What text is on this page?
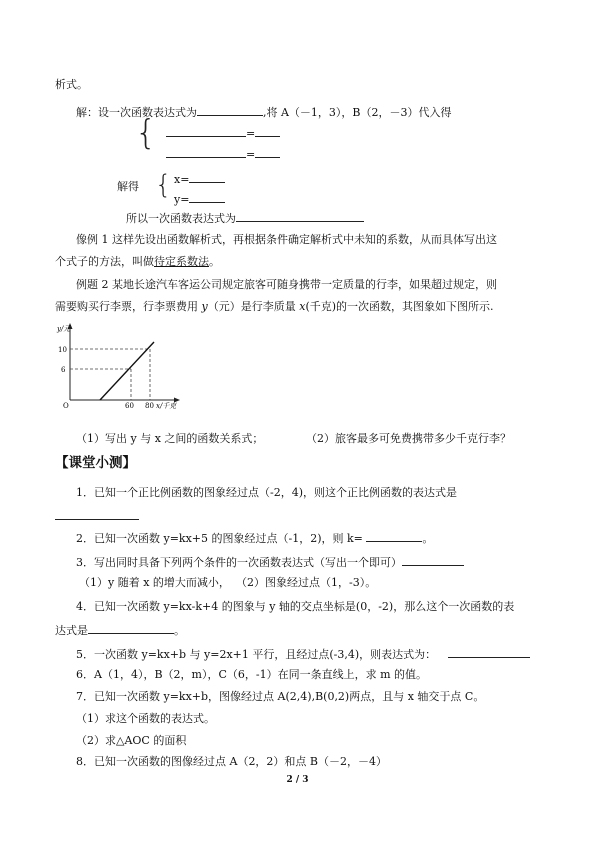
析式。
解：设一次函数表达式为	,将 A（－1，3），B（2，－3）代入得
{	=
=
解得 { x=
y=
所以一次函数表达式为
像例 1 这样先设出函数解析式，再根据条件确定解析式中未知的系数，从而具体写出这
个式子的方法，叫做待定系数法。
例题 2 某地长途汽车客运公司规定旅客可随身携带一定质量的行李，如果超过规定，则
需要购买行李票，行李票费用 y（元）是行李质量 x(千克)的一次函数，其图象如下图所示.
y/元
x/千克
O
10
6
60 80
（1）写出 y 与 x 之间的函数关系式；	（2）旅客最多可免费携带多少千克行李？
【课堂小测】
1．已知一个正比例函数的图象经过点（-2，4)，则这个正比例函数的表达式是
2．已知一次函数 y=kx+5 的图象经过点（-1，2)，则 k=	。
3．写出同时具备下列两个条件的一次函数表达式（写出一个即可）
（1）y 随着 x 的增大而减小， （2）图象经过点（1，-3）。
4．已知一次函数 y=kx-k+4 的图象与 y 轴的交点坐标是(0，-2)，那么这个一次函数的表
达式是	。
5．一次函数 y=kx+b 与 y=2x+1 平行，且经过点(-3,4)，则表达式为：
6．A（1，4），B（2，m），C（6，-1）在同一条直线上，求 m 的值。
7．已知一次函数 y=kx+b，图像经过点 A(2,4),B(0,2)两点，且与 x 轴交于点 C。
（1）求这个函数的表达式。
（2）求△AOC 的面积
8．已知一次函数的图像经过点 A（2，2）和点 B（－2，－4）
2 / 3
